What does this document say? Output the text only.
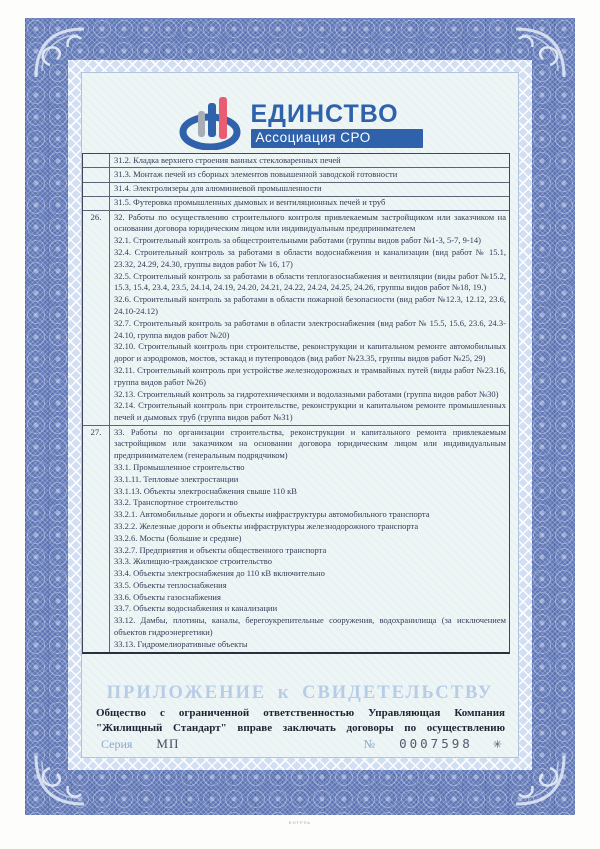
ЕДИНСТВО
Ассоциация СРО
31.2. Кладка верхнего строения ванных стекловаренных печей
31.3. Монтаж печей из сборных элементов повышенной заводской готовности
31.4. Электролизеры для алюминиевой промышленности
31.5. Футеровка промышленных дымовых и вентиляционных печей и труб
26.	32. Работы по осуществлению строительного контроля привлекаемым застройщиком или заказчиком на основании договора юридическим лицом или индивидуальным предпринимателем

32.1. Строительный контроль за общестроительными работами (группы видов работ №1-3, 5-7, 9-14)

32.4. Строительный контроль за работами в области водоснабжения и канализации (вид работ № 15.1, 23.32, 24.29, 24.30, группы видов работ № 16, 17)

32.5. Строительный контроль за работами в области теплогазоснабжения и вентиляции (виды работ №15.2, 15.3, 15.4, 23.4, 23.5, 24.14, 24.19, 24.20, 24.21, 24.22, 24.24, 24.25, 24.26, группы видов работ №18, 19.)

32.6. Строительный контроль за работами в области пожарной безопасности (вид работ №12.3, 12.12, 23.6, 24.10-24.12)

32.7. Строительный контроль за работами в области электроснабжения (вид работ № 15.5, 15.6, 23.6, 24.3-24.10, группа видов работ №20)

32.10. Строительный контроль при строительстве, реконструкции и капитальном ремонте автомобильных дорог и аэродромов, мостов, эстакад и путепроводов (вид работ №23.35, группы видов работ №25, 29)

32.11. Строительный контроль при устройстве железнодорожных и трамвайных путей (виды работ №23.16, группа видов работ №26)

32.13. Строительный контроль за гидротехническими и водолазными работами (группа видов работ №30)

32.14. Строительный контроль при строительстве, реконструкции и капитальном ремонте промышленных печей и дымовых труб (группа видов работ №31)

27.	33. Работы по организации строительства, реконструкции и капитального ремонта привлекаемым застройщиком или заказчиком на основании договора юридическим лицом или индивидуальным предпринимателем (генеральным подрядчиком)

33.1. Промышленное строительство

33.1.11. Тепловые электростанции

33.1.13. Объекты электроснабжения свыше 110 кВ

33.2. Транспортное строительство

33.2.1. Автомобильные дороги и объекты инфраструктуры автомобильного транспорта

33.2.2. Железные дороги и объекты инфраструктуры железнодорожного транспорта

33.2.6. Мосты (большие и средние)

33.2.7. Предприятия и объекты общественного транспорта

33.3. Жилищно-гражданское строительство

33.4. Объекты электроснабжения до 110 кВ включительно

33.5. Объекты теплоснабжения

33.6. Объекты газоснабжения

33.7. Объекты водоснабжения и канализации

33.12. Дамбы, плотины, каналы, берегоукрепительные сооружения, водохранилища (за исключением объектов гидроэнергетики)

33.13. Гидромелиоративные объекты

ПРИЛОЖЕНИЕ к СВИДЕТЕЛЬСТВУ
Общество с ограниченной ответственностью Управляющая Компания "Жилищный Стандарт" вправе заключать договоры по осуществлению
Серия МП	№ 0007598 ✳
ЕНТРПЬ
